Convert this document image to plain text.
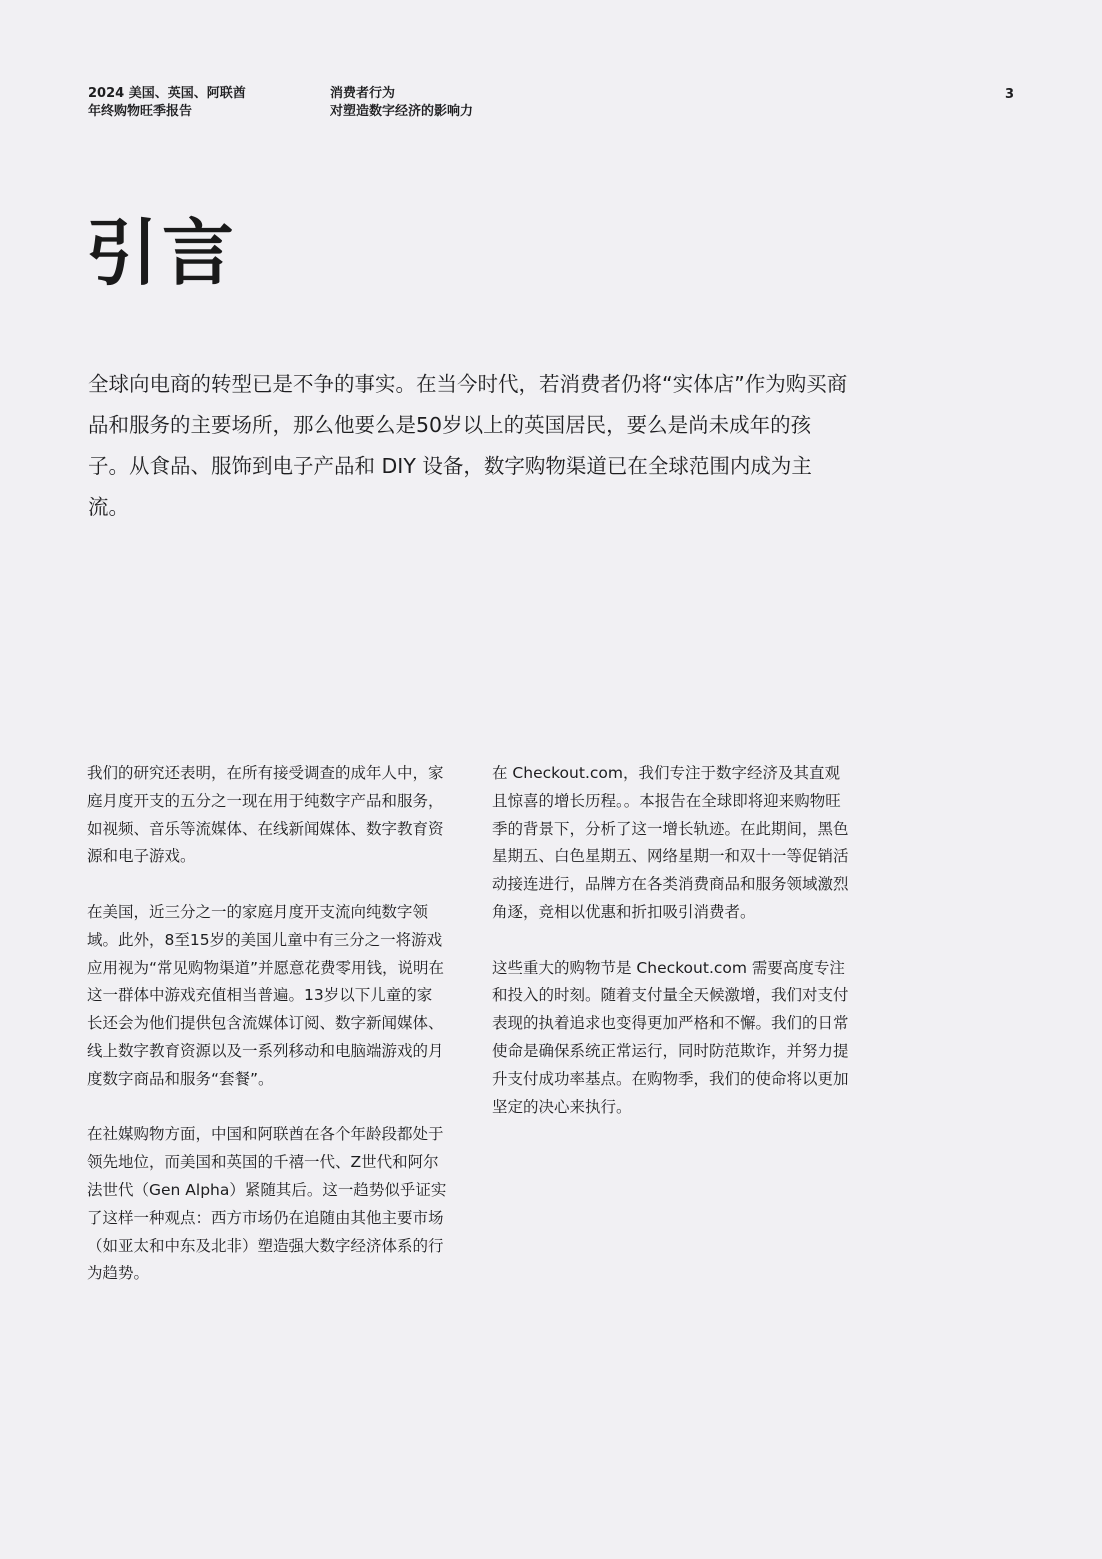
2024 美国、英国、阿联酋
年终购物旺季报告
消费者行为
对塑造数字经济的影响力
3
引言
全球向电商的转型已是不争的事实。在当今时代，若消费者仍将“实体店”作为购买商品和服务的主要场所，那么他要么是50岁以上的英国居民，要么是尚未成年的孩子。从食品、服饰到电子产品和 DIY 设备，数字购物渠道已在全球范围内成为主流。

我们的研究还表明，在所有接受调查的成年人中，家庭月度开支的五分之一现在用于纯数字产品和服务，如视频、音乐等流媒体、在线新闻媒体、数字教育资源和电子游戏。

在美国，近三分之一的家庭月度开支流向纯数字领域。此外，8至15岁的美国儿童中有三分之一将游戏应用视为“常见购物渠道”并愿意花费零用钱，说明在这一群体中游戏充值相当普遍。13岁以下儿童的家长还会为他们提供包含流媒体订阅、数字新闻媒体、线上数字教育资源以及一系列移动和电脑端游戏的月度数字商品和服务“套餐”。

在社媒购物方面，中国和阿联酋在各个年龄段都处于领先地位，而美国和英国的千禧一代、Z世代和阿尔法世代（Gen Alpha）紧随其后。这一趋势似乎证实了这样一种观点：西方市场仍在追随由其他主要市场（如亚太和中东及北非）塑造强大数字经济体系的行为趋势。

在 Checkout.com，我们专注于数字经济及其直观且惊喜的增长历程。。本报告在全球即将迎来购物旺季的背景下，分析了这一增长轨迹。在此期间，黑色星期五、白色星期五、网络星期一和双十一等促销活动接连进行，品牌方在各类消费商品和服务领域激烈角逐，竞相以优惠和折扣吸引消费者。

这些重大的购物节是 Checkout.com 需要高度专注和投入的时刻。随着支付量全天候激增，我们对支付表现的执着追求也变得更加严格和不懈。我们的日常使命是确保系统正常运行，同时防范欺诈，并努力提升支付成功率基点。在购物季，我们的使命将以更加坚定的决心来执行。
